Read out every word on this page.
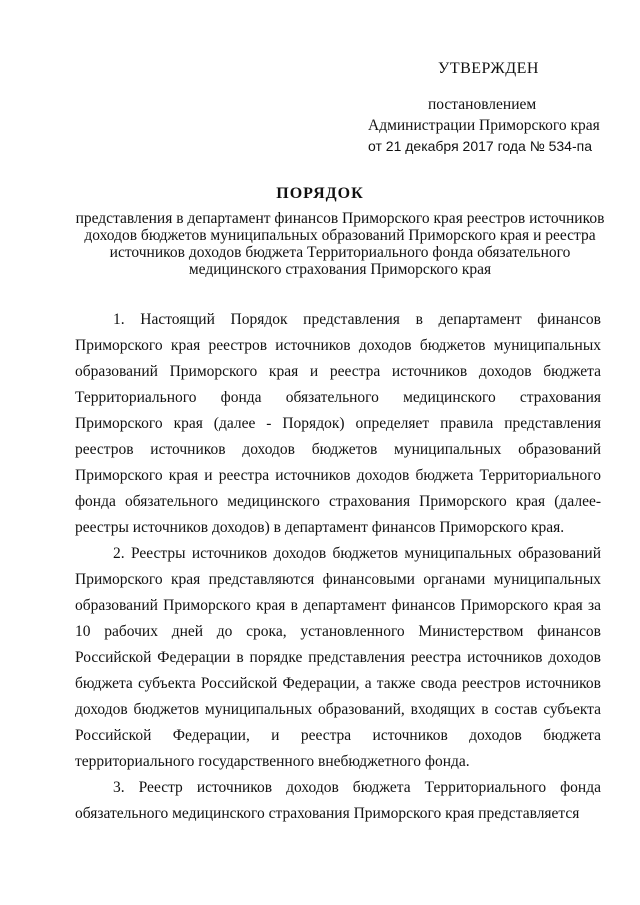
УТВЕРЖДЕН
постановлением
Администрации Приморского края
от 21 декабря 2017 года № 534-па
ПОРЯДОК
представления в департамент финансов Приморского края реестров источников доходов бюджетов муниципальных образований Приморского края и реестра источников доходов бюджета Территориального фонда обязательного медицинского страхования Приморского края

1. Настоящий Порядок представления в департамент финансов Приморского края реестров источников доходов бюджетов муниципальных образований Приморского края и реестра источников доходов бюджета Территориального фонда обязательного медицинского страхования Приморского края (далее - Порядок) определяет правила представления реестров источников доходов бюджетов муниципальных образований Приморского края и реестра источников доходов бюджета Территориального фонда обязательного медицинского страхования Приморского края (далее- реестры источников доходов) в департамент финансов Приморского края.

2. Реестры источников доходов бюджетов муниципальных образований Приморского края представляются финансовыми органами муниципальных образований Приморского края в департамент финансов Приморского края за 10 рабочих дней до срока, установленного Министерством финансов Российской Федерации в порядке представления реестра источников доходов бюджета субъекта Российской Федерации, а также свода реестров источников доходов бюджетов муниципальных образований, входящих в состав субъекта Российской Федерации, и реестра источников доходов бюджета территориального государственного внебюджетного фонда.

3. Реестр источников доходов бюджета Территориального фонда обязательного медицинского страхования Приморского края представляется
